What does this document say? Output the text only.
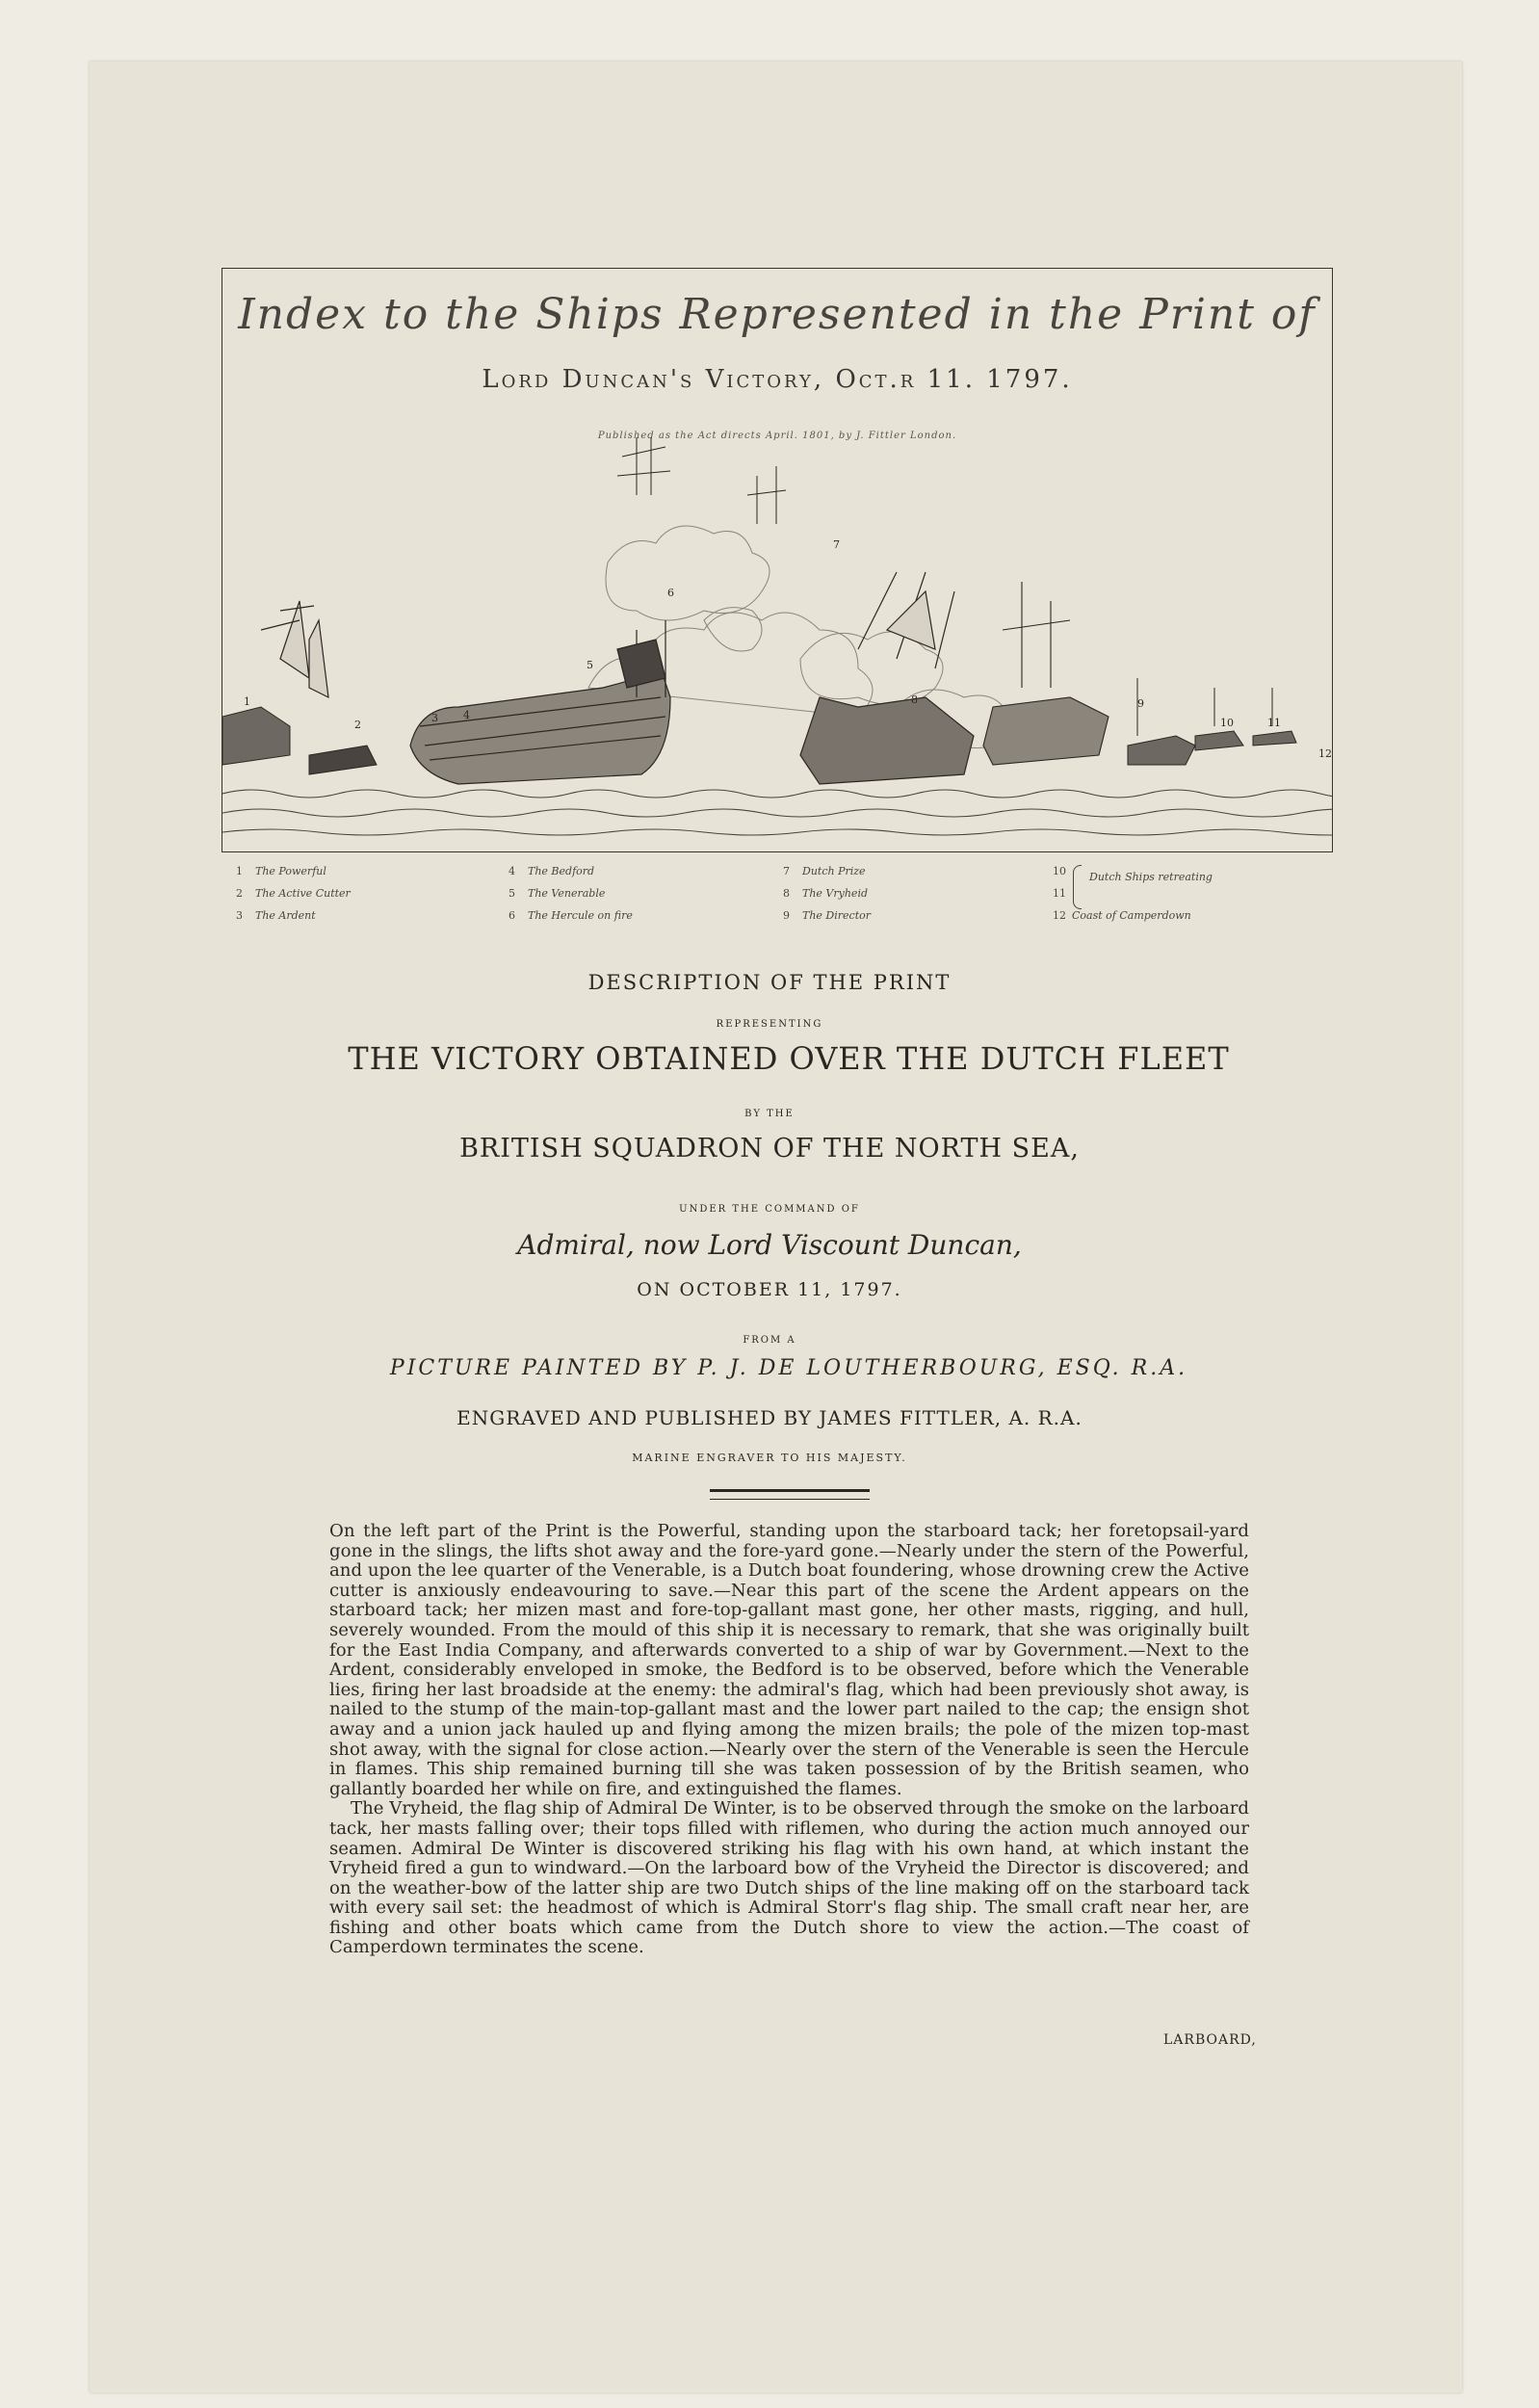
Index to the Ships Represented in the Print of
Lord Duncan's Victory, Oct.r 11. 1797.
Published as the Act directs April. 1801, by J. Fittler London.
1
2
3 4
5
6
7
8	9
10	11
12
1 The Powerful
2 The Active Cutter
3 The Ardent
4 The Bedford
5 The Venerable
6 The Hercule on fire
7 Dutch Prize
8 The Vryheid
9 The Director
10
11
12 Coast of Camperdown
Dutch Ships retreating
DESCRIPTION OF THE PRINT
REPRESENTING
THE VICTORY OBTAINED OVER THE DUTCH FLEET
BY THE
BRITISH SQUADRON OF THE NORTH SEA,
UNDER THE COMMAND OF
Admiral, now Lord Viscount Duncan,
ON OCTOBER 11, 1797.
FROM A
PICTURE PAINTED BY P. J. DE LOUTHERBOURG, ESQ. R.A.
ENGRAVED AND PUBLISHED BY JAMES FITTLER, A. R.A.
MARINE ENGRAVER TO HIS MAJESTY.

On the left part of the Print is the Powerful, standing upon the starboard tack; her foretopsail-yard gone in the slings, the lifts shot away and the fore-yard gone.—Nearly under the stern of the Powerful, and upon the lee quarter of the Venerable, is a Dutch boat foundering, whose drowning crew the Active cutter is anxiously endeavouring to save.—Near this part of the scene the Ardent appears on the starboard tack; her mizen mast and fore-top-gallant mast gone, her other masts, rigging, and hull, severely wounded. From the mould of this ship it is necessary to remark, that she was originally built for the East India Company, and afterwards converted to a ship of war by Government.—Next to the Ardent, considerably enveloped in smoke, the Bedford is to be observed, before which the Venerable lies, firing her last broadside at the enemy: the admiral's flag, which had been previously shot away, is nailed to the stump of the main-top-gallant mast and the lower part nailed to the cap; the ensign shot away and a union jack hauled up and flying among the mizen brails; the pole of the mizen top-mast shot away, with the signal for close action.—Nearly over the stern of the Venerable is seen the Hercule in flames. This ship remained burning till she was taken possession of by the British seamen, who gallantly boarded her while on fire, and extinguished the flames.

The Vryheid, the flag ship of Admiral De Winter, is to be observed through the smoke on the larboard tack, her masts falling over; their tops filled with riflemen, who during the action much annoyed our seamen. Admiral De Winter is discovered striking his flag with his own hand, at which instant the Vryheid fired a gun to windward.—On the larboard bow of the Vryheid the Director is discovered; and on the weather-bow of the latter ship are two Dutch ships of the line making off on the starboard tack with every sail set: the headmost of which is Admiral Storr's flag ship. The small craft near her, are fishing and other boats which came from the Dutch shore to view the action.—The coast of Camperdown terminates the scene.

LARBOARD,
